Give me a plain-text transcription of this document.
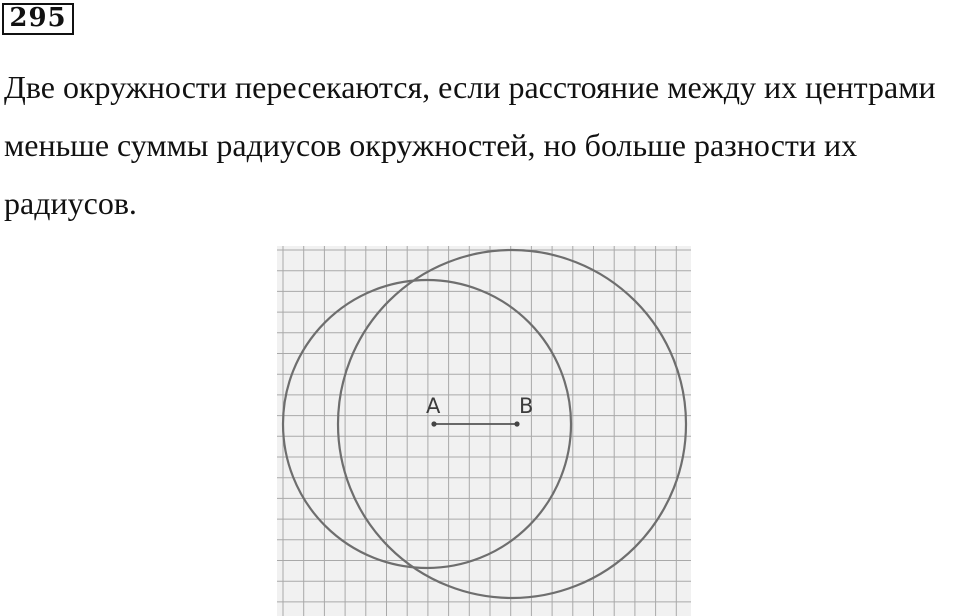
295

Две окружности пересекаются, если расстояние между их центрами
меньше суммы радиусов окружностей, но больше разности их
радиусов.

A	B
